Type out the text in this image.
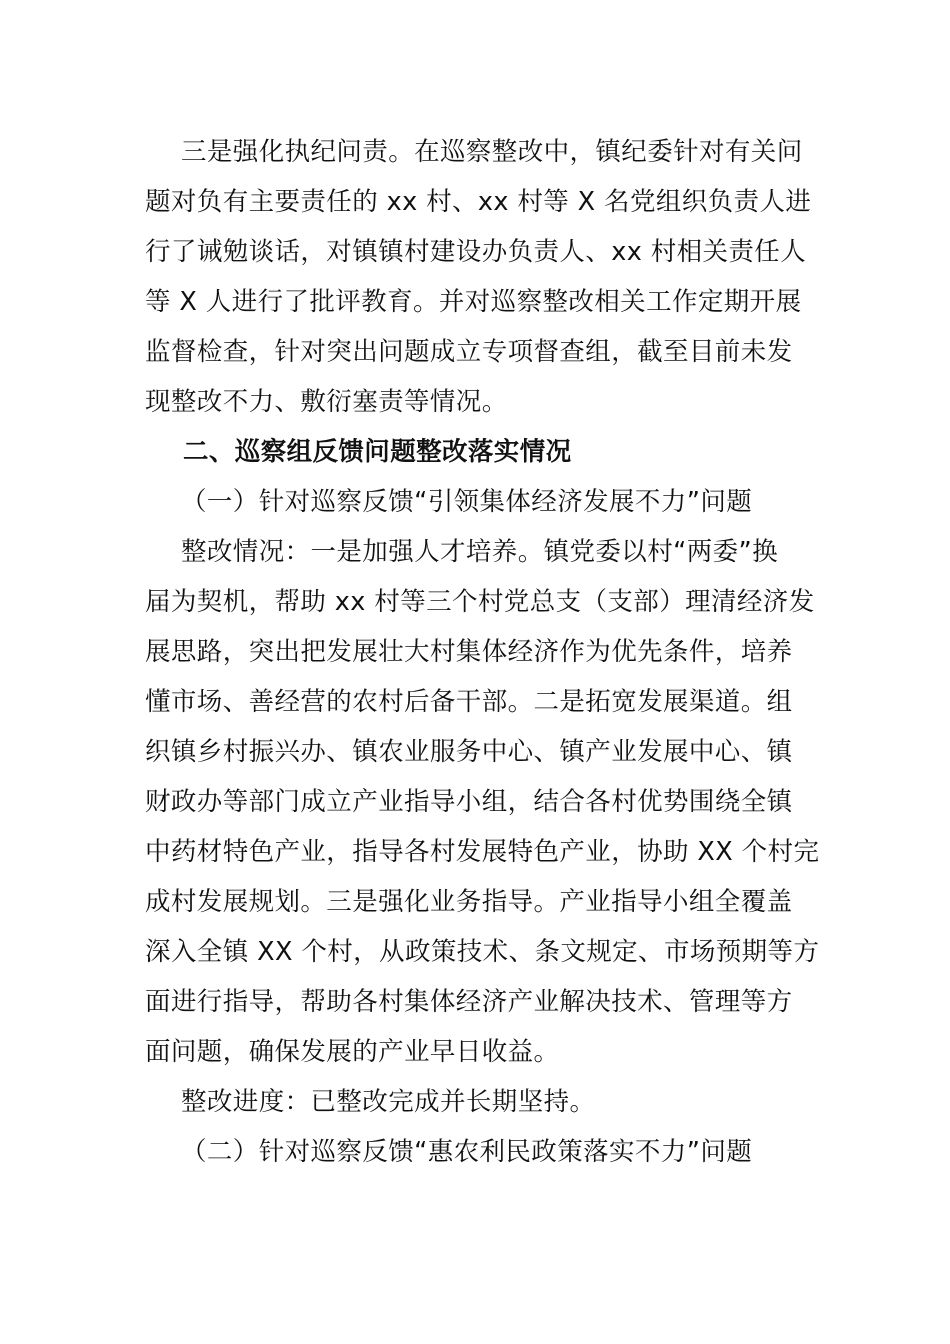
三是强化执纪问责。在巡察整改中，镇纪委针对有关问
题对负有主要责任的 xx 村、xx 村等 X 名党组织负责人进
行了诫勉谈话，对镇镇村建设办负责人、xx 村相关责任人
等 X 人进行了批评教育。并对巡察整改相关工作定期开展
监督检查，针对突出问题成立专项督查组，截至目前未发
现整改不力、敷衍塞责等情况。
二、巡察组反馈问题整改落实情况
（一）针对巡察反馈“引领集体经济发展不力”问题
整改情况：一是加强人才培养。镇党委以村“两委”换
届为契机，帮助 xx 村等三个村党总支（支部）理清经济发
展思路，突出把发展壮大村集体经济作为优先条件，培养
懂市场、善经营的农村后备干部。二是拓宽发展渠道。组
织镇乡村振兴办、镇农业服务中心、镇产业发展中心、镇
财政办等部门成立产业指导小组，结合各村优势围绕全镇
中药材特色产业，指导各村发展特色产业，协助 XX 个村完
成村发展规划。三是强化业务指导。产业指导小组全覆盖
深入全镇 XX 个村，从政策技术、条文规定、市场预期等方
面进行指导，帮助各村集体经济产业解决技术、管理等方
面问题，确保发展的产业早日收益。
整改进度：已整改完成并长期坚持。
（二）针对巡察反馈“惠农利民政策落实不力”问题
